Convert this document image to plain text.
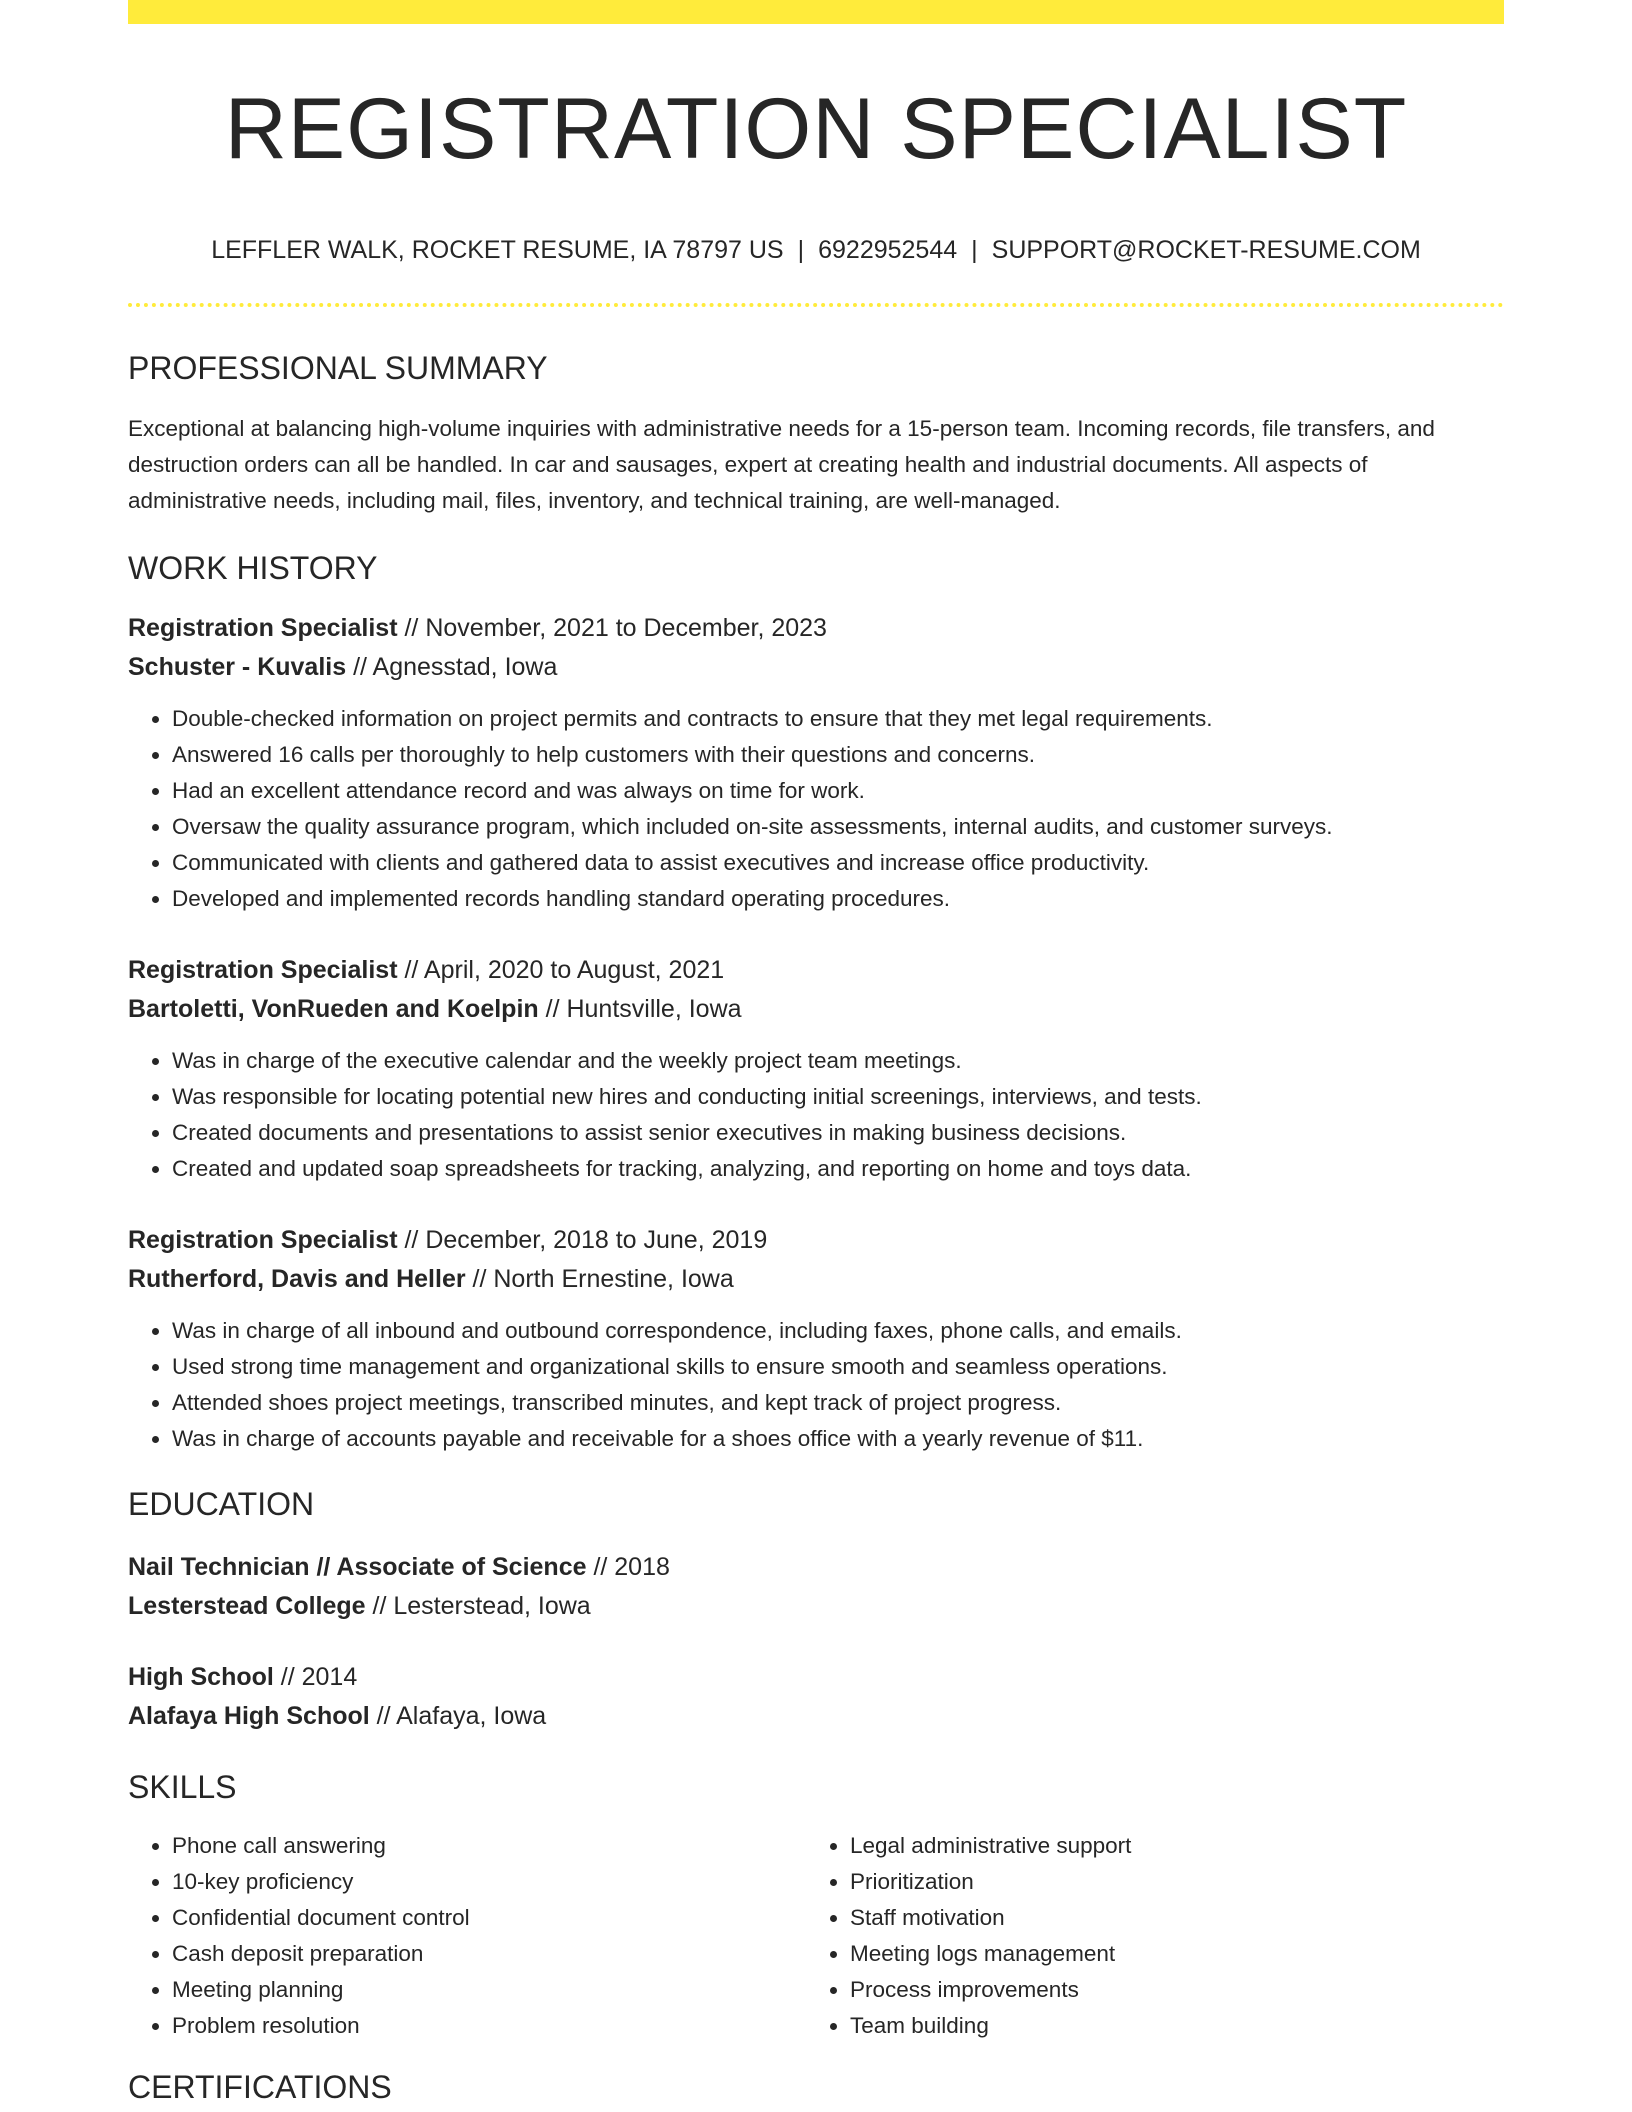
REGISTRATION SPECIALIST
LEFFLER WALK, ROCKET RESUME, IA 78797 US | 6922952544 | SUPPORT@ROCKET-RESUME.COM
PROFESSIONAL SUMMARY

Exceptional at balancing high-volume inquiries with administrative needs for a 15-person team. Incoming records, file transfers, and destruction orders can all be handled. In car and sausages, expert at creating health and industrial documents. All aspects of administrative needs, including mail, files, inventory, and technical training, are well-managed.

WORK HISTORY

Registration Specialist // November, 2021 to December, 2023

Schuster - Kuvalis // Agnesstad, Iowa

• Double-checked information on project permits and contracts to ensure that they met legal requirements.
• Answered 16 calls per thoroughly to help customers with their questions and concerns.
• Had an excellent attendance record and was always on time for work.
• Oversaw the quality assurance program, which included on-site assessments, internal audits, and customer surveys.
• Communicated with clients and gathered data to assist executives and increase office productivity.
• Developed and implemented records handling standard operating procedures.

Registration Specialist // April, 2020 to August, 2021

Bartoletti, VonRueden and Koelpin // Huntsville, Iowa

• Was in charge of the executive calendar and the weekly project team meetings.
• Was responsible for locating potential new hires and conducting initial screenings, interviews, and tests.
• Created documents and presentations to assist senior executives in making business decisions.
• Created and updated soap spreadsheets for tracking, analyzing, and reporting on home and toys data.

Registration Specialist // December, 2018 to June, 2019

Rutherford, Davis and Heller // North Ernestine, Iowa

• Was in charge of all inbound and outbound correspondence, including faxes, phone calls, and emails.
• Used strong time management and organizational skills to ensure smooth and seamless operations.
• Attended shoes project meetings, transcribed minutes, and kept track of project progress.
• Was in charge of accounts payable and receivable for a shoes office with a yearly revenue of $11.
EDUCATION

Nail Technician // Associate of Science // 2018

Lesterstead College // Lesterstead, Iowa

High School // 2014

Alafaya High School // Alafaya, Iowa

SKILLS
• Phone call answering
• 10-key proficiency
• Confidential document control
• Cash deposit preparation
• Meeting planning
• Problem resolution
• Legal administrative support
• Prioritization
• Staff motivation
• Meeting logs management
• Process improvements
• Team building
CERTIFICATIONS
